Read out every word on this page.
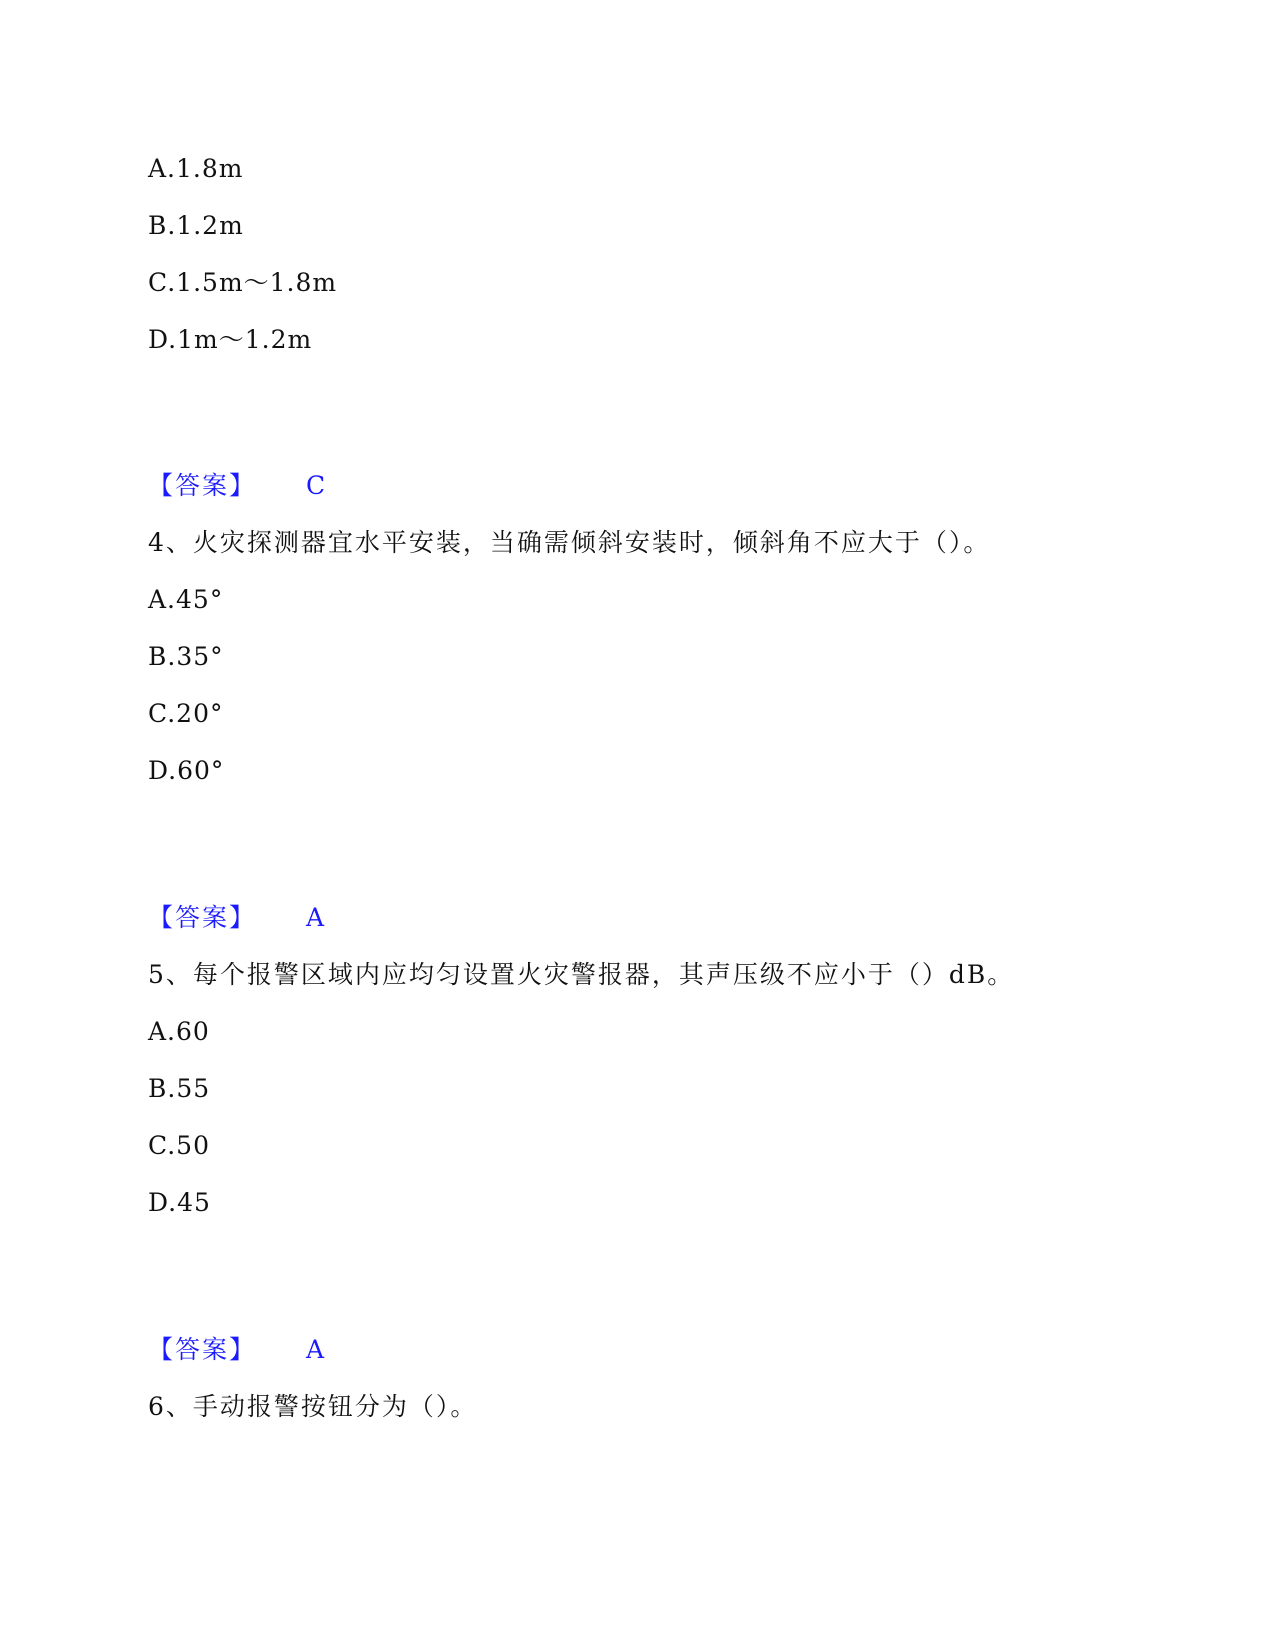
A.1.8m
B.1.2m
C.1.5m～1.8m
D.1m～1.2m
【答案】 C
4、火灾探测器宜水平安装，当确需倾斜安装时，倾斜角不应大于（）。
A.45°
B.35°
C.20°
D.60°
【答案】 A
5、每个报警区域内应均匀设置火灾警报器，其声压级不应小于（）dB。
A.60
B.55
C.50
D.45
【答案】 A
6、手动报警按钮分为（）。
